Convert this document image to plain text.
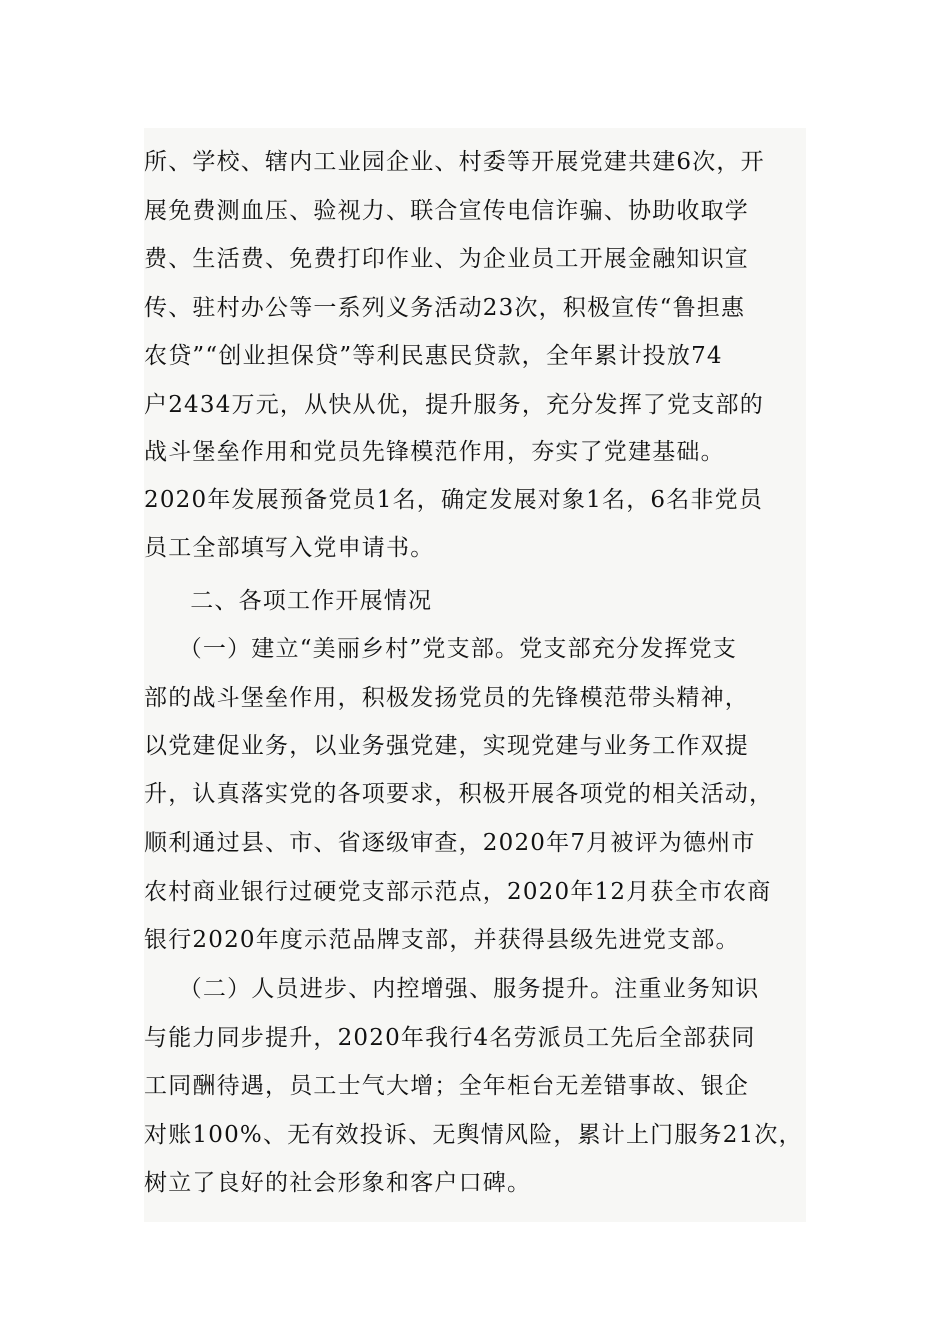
所、学校、辖内工业园企业、村委等开展党建共建6次，开
展免费测血压、验视力、联合宣传电信诈骗、协助收取学
费、生活费、免费打印作业、为企业员工开展金融知识宣
传、驻村办公等一系列义务活动23次，积极宣传“鲁担惠
农贷”“创业担保贷”等利民惠民贷款，全年累计投放74
户2434万元，从快从优，提升服务，充分发挥了党支部的
战斗堡垒作用和党员先锋模范作用，夯实了党建基础。
2020年发展预备党员1名，确定发展对象1名，6名非党员
员工全部填写入党申请书。
　二、各项工作开展情况
　（一）建立“美丽乡村”党支部。党支部充分发挥党支
部的战斗堡垒作用，积极发扬党员的先锋模范带头精神，
以党建促业务，以业务强党建，实现党建与业务工作双提
升，认真落实党的各项要求，积极开展各项党的相关活动，
顺利通过县、市、省逐级审查，2020年7月被评为德州市
农村商业银行过硬党支部示范点，2020年12月获全市农商
银行2020年度示范品牌支部，并获得县级先进党支部。
　（二）人员进步、内控增强、服务提升。注重业务知识
与能力同步提升，2020年我行4名劳派员工先后全部获同
工同酬待遇，员工士气大增；全年柜台无差错事故、银企
对账100%、无有效投诉、无舆情风险，累计上门服务21次，
树立了良好的社会形象和客户口碑。
